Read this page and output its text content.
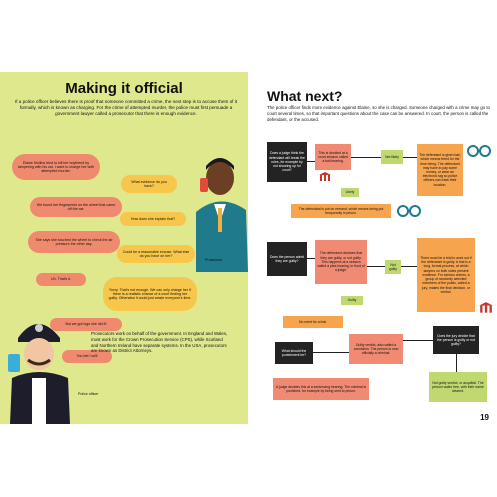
Making it official
If a police officer believes there is proof that someone committed a crime, the next step is to accuse them of it formally, which is known as charging. For the crime of attempted murder, the police must first persuade a government lawyer called a prosecutor that there is enough evidence.
Elaine Mullins tried to kill her boyfriend by tampering with his car. I want to charge her with attempted murder.
What evidence do you have?
We found her fingerprints on the wheel that came off the car.
How does she explain that?
She says she touched the wheel to check the air pressure the other day.
Could be a reasonable excuse. What else do you have on her?
Uh. That's it.
Sorry. That's not enough. We can only charge her if there is a realistic chance of a court finding her guilty. Otherwise it could just waste everyone's time.
But we got logs she did it!
You bet I will!
Prosecutor
Police officer
Prosecutors work on behalf of the government. In England and Wales, most work for the Crown Prosecution Service (CPS), while Scotland and Northern Ireland have separate systems. In the USA, prosecutors are known as District Attorneys.
What next?
The police officer finds more evidence against Elaine, so she is charged. Someone charged with a crime may go to court several times, so that important questions about the case can be answered. In court, the person is called the defendant, or the accused.
Does a judge think the defendant will break the rules, for example by not showing up for court?
This is decided at a court session called a bail hearing.
Not likely	The defendant is given bail, which means freed for the time being. The defendant may have to pay some money, or wear an electronic tag so police officers can track their location.
Likely
The defendant is put on remand, which means being put temporarily in prison.
Does the person admit they are guilty?
The defendant declares that they are guilty, or not guilty. This happens at a session called a plea hearing, in front of a judge.
Not guilty
There must be a trial to work out if the defendant is guilty. A trial is a long, formal process, at which lawyers on both sides present evidence. For serious crimes, a group of randomly selected members of the public, called a jury, makes the final decision, or verdict.
Guilty
No need for a trial.
Does the jury decide that the person is guilty or not guilty?
What should the punishment be?
Guilty verdict, also called a conviction. The person is now officially a criminal.
A judge decides this at a sentencing hearing. The criminal is punished, for example by being sent to prison.
Not guilty verdict, or acquittal. The person walks free, with their name cleared.
19
